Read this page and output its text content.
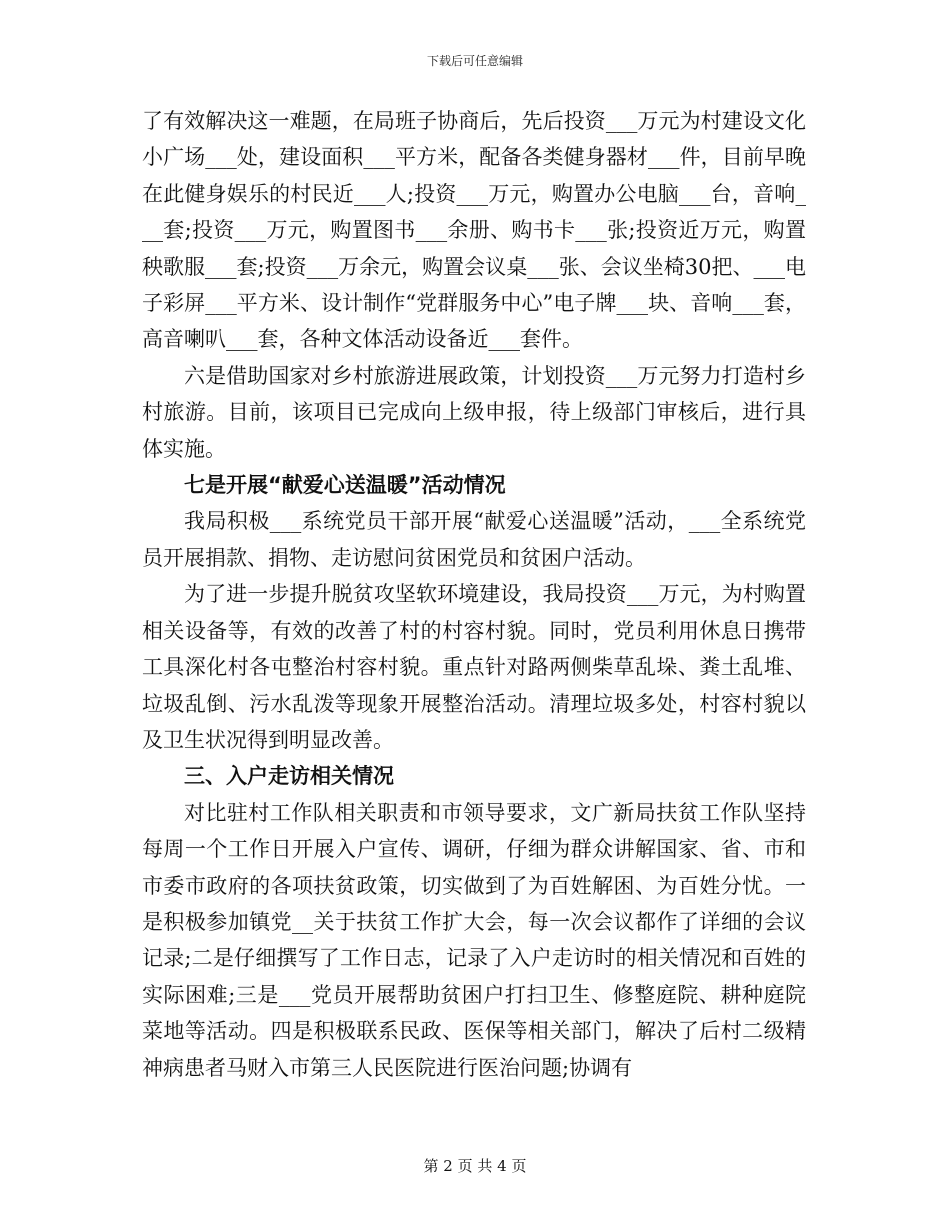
下载后可任意编辑

了有效解决这一难题，在局班子协商后，先后投资___万元为村建设文化小广场___处，建设面积___平方米，配备各类健身器材___件，目前早晚在此健身娱乐的村民近___人;投资___万元，购置办公电脑___台，音响___套;投资___万元，购置图书___余册、购书卡___张;投资近万元，购置秧歌服___套;投资___万余元，购置会议桌___张、会议坐椅30把、___电子彩屏___平方米、设计制作“党群服务中心”电子牌___块、音响___套，高音喇叭___套，各种文体活动设备近___套件。

六是借助国家对乡村旅游进展政策，计划投资___万元努力打造村乡村旅游。目前，该项目已完成向上级申报，待上级部门审核后，进行具体实施。

七是开展“献爱心送温暖”活动情况

我局积极___系统党员干部开展“献爱心送温暖”活动，___全系统党员开展捐款、捐物、走访慰问贫困党员和贫困户活动。

为了进一步提升脱贫攻坚软环境建设，我局投资___万元，为村购置相关设备等，有效的改善了村的村容村貌。同时，党员利用休息日携带工具深化村各屯整治村容村貌。重点针对路两侧柴草乱垛、粪土乱堆、垃圾乱倒、污水乱泼等现象开展整治活动。清理垃圾多处，村容村貌以及卫生状况得到明显改善。

三、入户走访相关情况

对比驻村工作队相关职责和市领导要求，文广新局扶贫工作队坚持每周一个工作日开展入户宣传、调研，仔细为群众讲解国家、省、市和市委市政府的各项扶贫政策，切实做到了为百姓解困、为百姓分忧。一是积极参加镇党__关于扶贫工作扩大会，每一次会议都作了详细的会议记录;二是仔细撰写了工作日志，记录了入户走访时的相关情况和百姓的实际困难;三是___党员开展帮助贫困户打扫卫生、修整庭院、耕种庭院菜地等活动。四是积极联系民政、医保等相关部门，解决了后村二级精神病患者马财入市第三人民医院进行医治问题;协调有

第 2 页 共 4 页
